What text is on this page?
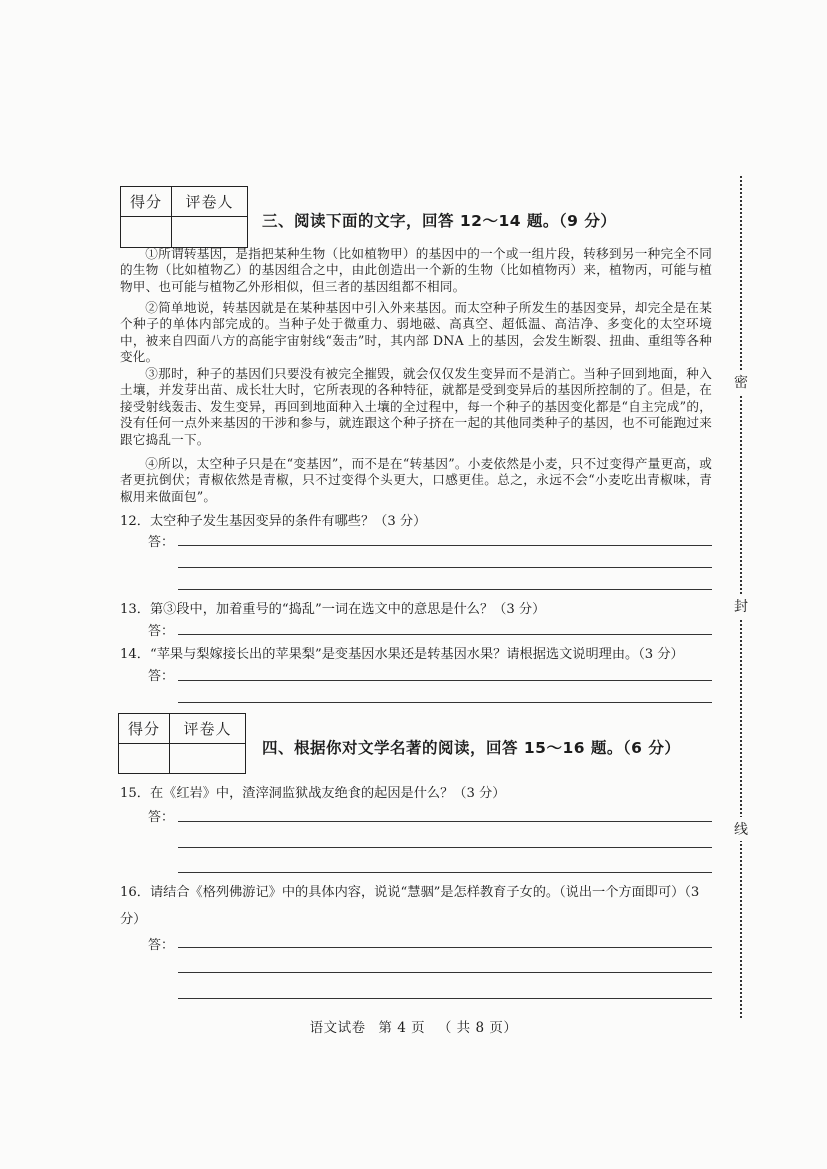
得分	评卷人

三、阅读下面的文字，回答 12～14 题。（9 分）

①所谓转基因，是指把某种生物（比如植物甲）的基因中的一个或一组片段，转移到另一种完全不同的生物（比如植物乙）的基因组合之中，由此创造出一个新的生物（比如植物丙）来，植物丙，可能与植物甲、也可能与植物乙外形相似，但三者的基因组都不相同。

②简单地说，转基因就是在某种基因中引入外来基因。而太空种子所发生的基因变异，却完全是在某个种子的单体内部完成的。当种子处于微重力、弱地磁、高真空、超低温、高洁净、多变化的太空环境中，被来自四面八方的高能宇宙射线“轰击”时，其内部 DNA 上的基因，会发生断裂、扭曲、重组等各种变化。

③那时，种子的基因们只要没有被完全摧毁，就会仅仅发生变异而不是消亡。当种子回到地面，种入土壤，并发芽出苗、成长壮大时，它所表现的各种特征，就都是受到变异后的基因所控制的了。但是，在接受射线轰击、发生变异，再回到地面种入土壤的全过程中，每一个种子的基因变化都是“自主完成”的，没有任何一点外来基因的干涉和参与，就连跟这个种子挤在一起的其他同类种子的基因，也不可能跑过来跟它捣乱一下。

④所以，太空种子只是在“变基因”，而不是在“转基因”。小麦依然是小麦，只不过变得产量更高，或者更抗倒伏；青椒依然是青椒，只不过变得个头更大，口感更佳。总之，永远不会“小麦吃出青椒味，青椒用来做面包”。

12．太空种子发生基因变异的条件有哪些？（3 分）
答：
13．第③段中，加着重号的“捣乱”一词在选文中的意思是什么？（3 分）
答：
14．“苹果与梨嫁接长出的苹果梨”是变基因水果还是转基因水果？请根据选文说明理由。（3 分）
答：
得分	评卷人

四、根据你对文学名著的阅读，回答 15～16 题。（6 分）
15．在《红岩》中，渣滓洞监狱战友绝食的起因是什么？（3 分）
答：
16．请结合《格列佛游记》中的具体内容，说说“慧骃”是怎样教育子女的。（说出一个方面即可）（3 分）
答：
密
封
线
语文试卷 第 4 页 （ 共 8 页）
